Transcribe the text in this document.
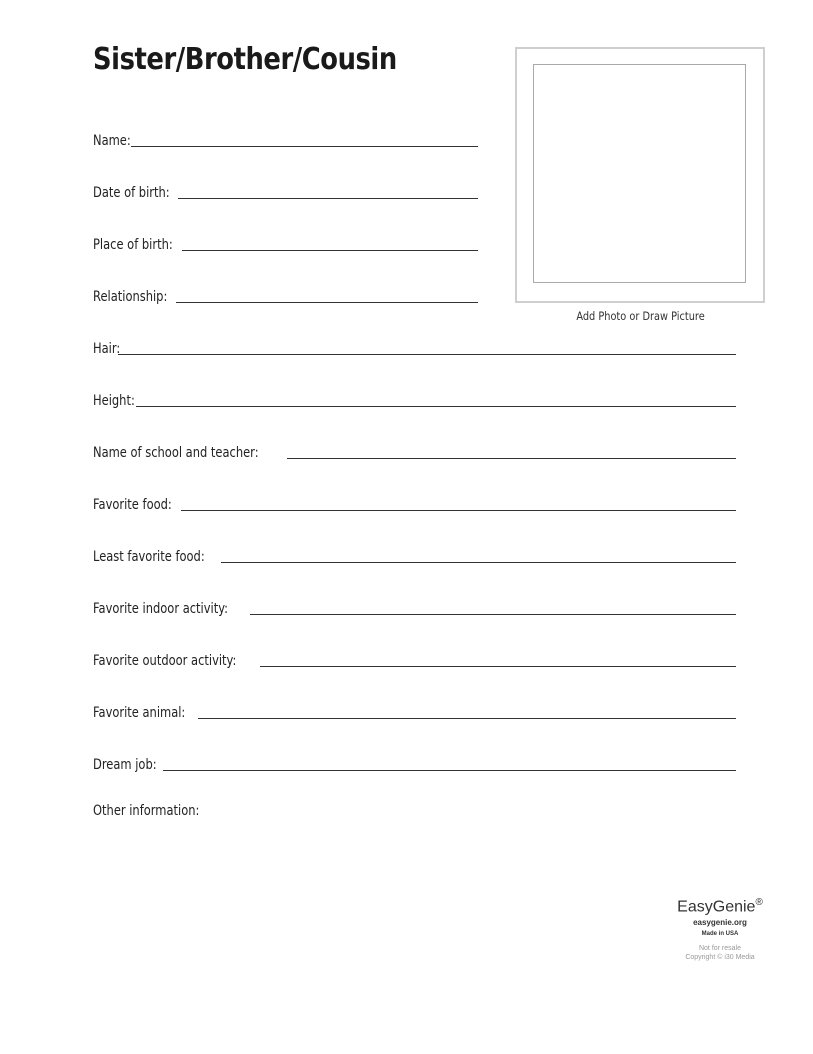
Sister/Brother/Cousin
Add Photo or Draw Picture
Name:
Date of birth:
Place of birth:
Relationship:
Hair:
Height:
Name of school and teacher:
Favorite food:
Least favorite food:
Favorite indoor activity:
Favorite outdoor activity:
Favorite animal:
Dream job:
Other information:
EasyGenie®
easygenie.org
Made in USA
Not for resale
Copyright © i30 Media
